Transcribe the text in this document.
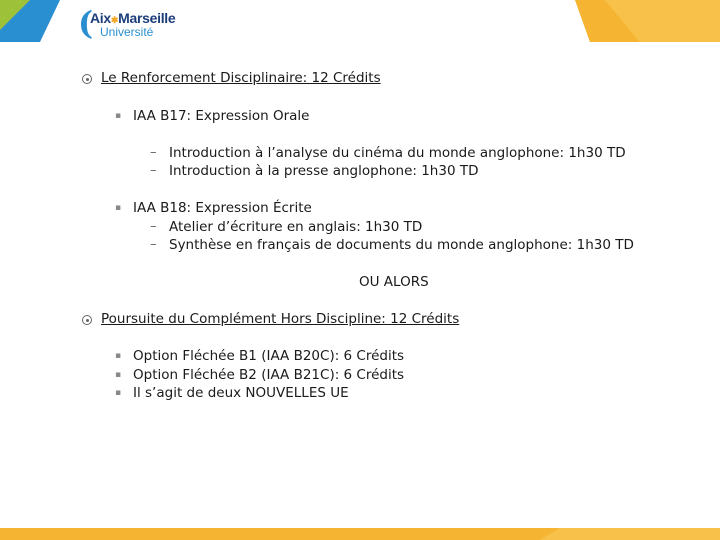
(
Aix✱Marseille
Université
Le Renforcement Disciplinaire: 12 Crédits
▪ IAA B17: Expression Orale
– Introduction à l’analyse du cinéma du monde anglophone: 1h30 TD
– Introduction à la presse anglophone: 1h30 TD
▪ IAA B18: Expression Écrite
– Atelier d’écriture en anglais: 1h30 TD
– Synthèse en français de documents du monde anglophone: 1h30 TD
OU ALORS
Poursuite du Complément Hors Discipline: 12 Crédits
▪ Option Fléchée B1 (IAA B20C): 6 Crédits
▪ Option Fléchée B2 (IAA B21C): 6 Crédits
▪ Il s’agit de deux NOUVELLES UE
